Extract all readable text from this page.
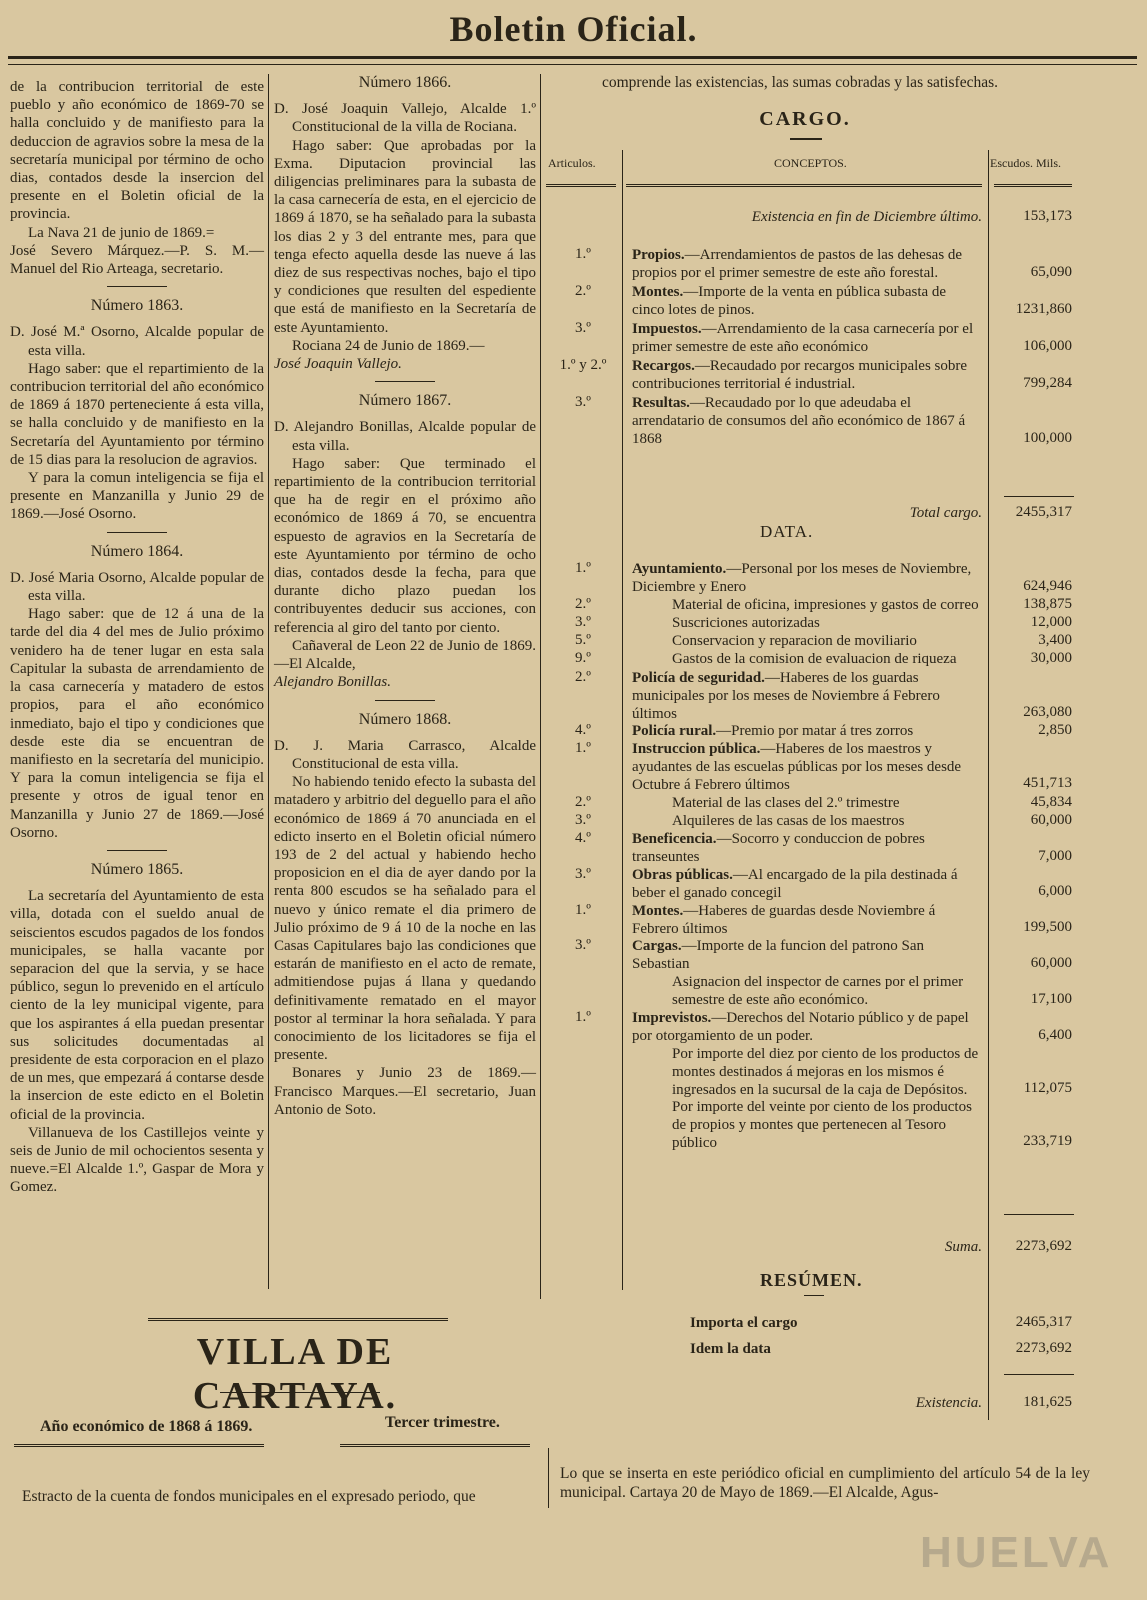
Boletin Oficial.

de la contribucion territorial de este pueblo y año económico de 1869-70 se halla concluido y de manifiesto para la deduccion de agravios sobre la mesa de la secretaría municipal por término de ocho dias, contados desde la insercion del presente en el Boletin oficial de la provincia.

La Nava 21 de junio de 1869.=

José Severo Márquez.—P. S. M.—Manuel del Rio Arteaga, secretario.

Número 1863.

D. José M.ª Osorno, Alcalde popular de esta villa.

Hago saber: que el repartimiento de la contribucion territorial del año económico de 1869 á 1870 perteneciente á esta villa, se halla concluido y de manifiesto en la Secretaría del Ayuntamiento por término de 15 dias para la resolucion de agravios.

Y para la comun inteligencia se fija el presente en Manzanilla y Junio 29 de 1869.—José Osorno.

Número 1864.

D. José Maria Osorno, Alcalde popular de esta villa.

Hago saber: que de 12 á una de la tarde del dia 4 del mes de Julio próximo venidero ha de tener lugar en esta sala Capitular la subasta de arrendamiento de la casa carnecería y matadero de estos propios, para el año económico inmediato, bajo el tipo y condiciones que desde este dia se encuentran de manifiesto en la secretaría del municipio. Y para la comun inteligencia se fija el presente y otros de igual tenor en Manzanilla y Junio 27 de 1869.—José Osorno.

Número 1865.

La secretaría del Ayuntamiento de esta villa, dotada con el sueldo anual de seiscientos escudos pagados de los fondos municipales, se halla vacante por separacion del que la servia, y se hace público, segun lo prevenido en el artículo ciento de la ley municipal vigente, para que los aspirantes á ella puedan presentar sus solicitudes documentadas al presidente de esta corporacion en el plazo de un mes, que empezará á contarse desde la insercion de este edicto en el Boletin oficial de la provincia.

Villanueva de los Castillejos veinte y seis de Junio de mil ochocientos sesenta y nueve.=El Alcalde 1.º, Gaspar de Mora y Gomez.

Número 1866.

D. José Joaquin Vallejo, Alcalde 1.º Constitucional de la villa de Rociana.

Hago saber: Que aprobadas por la Exma. Diputacion provincial las diligencias preliminares para la subasta de la casa carnecería de esta, en el ejercicio de 1869 á 1870, se ha señalado para la subasta los dias 2 y 3 del entrante mes, para que tenga efecto aquella desde las nueve á las diez de sus respectivas noches, bajo el tipo y condiciones que resulten del espediente que está de manifiesto en la Secretaría de este Ayuntamiento.

Rociana 24 de Junio de 1869.—

José Joaquin Vallejo.

Número 1867.

D. Alejandro Bonillas, Alcalde popular de esta villa.

Hago saber: Que terminado el repartimiento de la contribucion territorial que ha de regir en el próximo año económico de 1869 á 70, se encuentra espuesto de agravios en la Secretaría de este Ayuntamiento por término de ocho dias, contados desde la fecha, para que durante dicho plazo puedan los contribuyentes deducir sus acciones, con referencia al giro del tanto por ciento.

Cañaveral de Leon 22 de Junio de 1869.—El Alcalde,

Alejandro Bonillas.

Número 1868.

D. J. Maria Carrasco, Alcalde Constitucional de esta villa.

No habiendo tenido efecto la subasta del matadero y arbitrio del deguello para el año económico de 1869 á 70 anunciada en el edicto inserto en el Boletin oficial número 193 de 2 del actual y habiendo hecho proposicion en el dia de ayer dando por la renta 800 escudos se ha señalado para el nuevo y único remate el dia primero de Julio próximo de 9 á 10 de la noche en las Casas Capitulares bajo las condiciones que estarán de manifiesto en el acto de remate, admitiendose pujas á llana y quedando definitivamente rematado en el mayor postor al terminar la hora señalada. Y para conocimiento de los licitadores se fija el presente.

Bonares y Junio 23 de 1869.—Francisco Marques.—El secretario, Juan Antonio de Soto.

VILLA DE CARTAYA.
Año económico de 1868 á 1869.	Tercer trimestre.
Estracto de la cuenta de fondos municipales en el expresado periodo, que
comprende las existencias, las sumas cobradas y las satisfechas.
CARGO.
Articulos.	CONCEPTOS.	Escudos. Mils.
Existencia en fin de Diciembre último.	153,173
1.º	Propios.—Arrendamientos de pastos de las dehesas de propios por el primer semestre de este año forestal.	65,090
2.º	Montes.—Importe de la venta en pública subasta de cinco lotes de pinos.	1231,860
3.º	Impuestos.—Arrendamiento de la casa carnecería por el primer semestre de este año económico	106,000
1.º y 2.º	Recargos.—Recaudado por recargos municipales sobre contribuciones territorial é industrial.	799,284
3.º	Resultas.—Recaudado por lo que adeudaba el arrendatario de consumos del año económico de 1867 á 1868	100,000
Total cargo.	2455,317
DATA.
1.º	Ayuntamiento.—Personal por los meses de Noviembre, Diciembre y Enero	624,946
2.º	Material de oficina, impresiones y gastos de correo	138,875
3.º	Suscriciones autorizadas	12,000
5.º	Conservacion y reparacion de moviliario	3,400
9.º	Gastos de la comision de evaluacion de riqueza	30,000
2.º	Policía de seguridad.—Haberes de los guardas municipales por los meses de Noviembre á Febrero últimos	263,080
4.º	Policía rural.—Premio por matar á tres zorros	2,850
1.º	Instruccion pública.—Haberes de los maestros y ayudantes de las escuelas públicas por los meses desde Octubre á Febrero últimos	451,713
2.º	Material de las clases del 2.º trimestre	45,834
3.º	Alquileres de las casas de los maestros	60,000
4.º	Beneficencia.—Socorro y conduccion de pobres transeuntes	7,000
3.º	Obras públicas.—Al encargado de la pila destinada á beber el ganado concegil	6,000
1.º	Montes.—Haberes de guardas desde Noviembre á Febrero últimos	199,500
3.º	Cargas.—Importe de la funcion del patrono San Sebastian	60,000
Asignacion del inspector de carnes por el primer semestre de este año económico.	17,100
1.º	Imprevistos.—Derechos del Notario público y de papel por otorgamiento de un poder.	6,400
Por importe del diez por ciento de los productos de montes destinados á mejoras en los mismos é ingresados en la sucursal de la caja de Depósitos.	112,075
Por importe del veinte por ciento de los productos de propios y montes que pertenecen al Tesoro público	233,719
Suma.	2273,692
RESÚMEN.
Importa el cargo	2465,317
Idem la data	2273,692
Existencia.	181,625
Lo que se inserta en este periódico oficial en cumplimiento del artículo 54 de la ley municipal. Cartaya 20 de Mayo de 1869.—El Alcalde, Agus-
HUELVA
